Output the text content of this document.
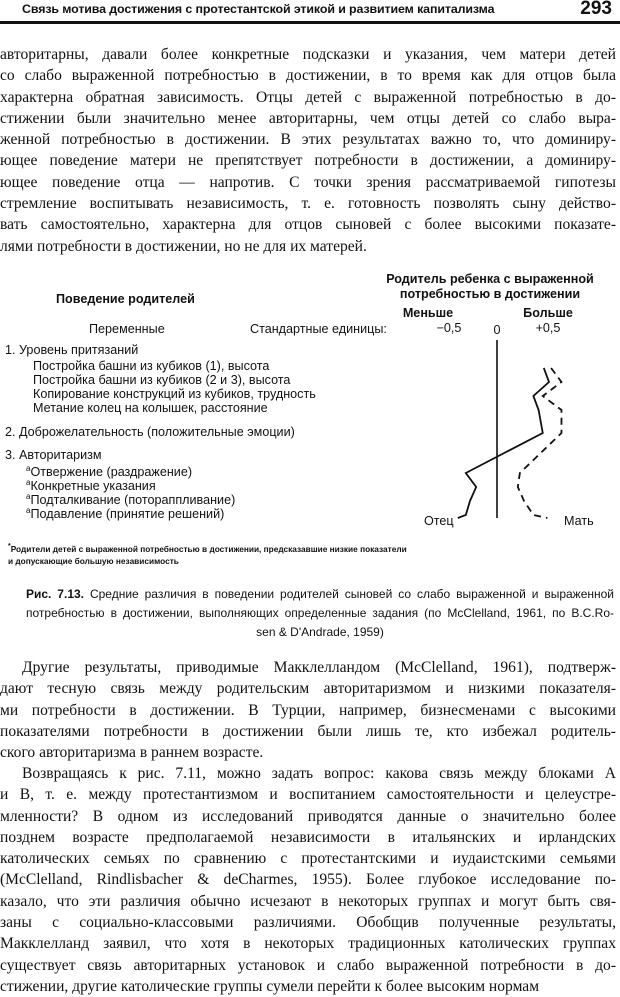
Связь мотива достижения с протестантской этикой и развитием капитализма	293
авторитарны, давали более конкретные подсказки и указания, чем матери детей
со слабо выраженной потребностью в достижении, в то время как для отцов была
характерна обратная зависимость. Отцы детей с выраженной потребностью в до-
стижении были значительно менее авторитарны, чем отцы детей со слабо выра-
женной потребностью в достижении. В этих результатах важно то, что доминиру-
ющее поведение матери не препятствует потребности в достижении, а доминиру-
ющее поведение отца — напротив. С точки зрения рассматриваемой гипотезы
стремление воспитывать независимость, т. е. готовность позволять сыну действо-
вать самостоятельно, характерна для отцов сыновей с более высокими показате-
лями потребности в достижении, но не для их матерей.
Родитель ребенка с выраженной
потребностью в достижении
Поведение родителей
Меньше	Больше
Переменные	Стандартные единицы:	−0,5	0	+0,5
1. Уровень притязаний
Постройка башни из кубиков (1), высота
Постройка башни из кубиков (2 и 3), высота
Копирование конструкций из кубиков, трудность
Метание колец на колышек, расстояние
2. Доброжелательность (положительные эмоции)
3. Авторитаризм
$^a$Отвержение (раздражение)
$^a$Конкретные указания
$^a$Подталкивание (потораппливание)
$^a$Подавление (принятие решений)	Отец	Мать
*Родители детей с выраженной потребностью в достижении, предсказавшие низкие показатели
и допускающие большую независимость
Рис. 7.13. Средние различия в поведении родителей сыновей со слабо выраженной и выраженной
потребностью в достижении, выполняющих определенные задания (по McClelland, 1961, по B.C.Ro-
sen & D'Andrade, 1959)
Другие результаты, приводимые Макклелландом (McClelland, 1961), подтверж-
дают тесную связь между родительским авторитаризмом и низкими показателя-
ми потребности в достижении. В Турции, например, бизнесменами с высокими
показателями потребности в достижении были лишь те, кто избежал родитель-
ского авторитаризма в раннем возрасте.
Возвращаясь к рис. 7.11, можно задать вопрос: какова связь между блоками A
и B, т. е. между протестантизмом и воспитанием самостоятельности и целеустре-
мленности? В одном из исследований приводятся данные о значительно более
позднем возрасте предполагаемой независимости в итальянских и ирландских
католических семьях по сравнению с протестантскими и иудаистскими семьями
(McClelland, Rindlisbacher & deCharmes, 1955). Более глубокое исследование по-
казало, что эти различия обычно исчезают в некоторых группах и могут быть свя-
заны с социально-классовыми различиями. Обобщив полученные результаты,
Макклелланд заявил, что хотя в некоторых традиционных католических группах
существует связь авторитарных установок и слабо выраженной потребности в до-
стижении, другие католические группы сумели перейти к более высоким нормам
